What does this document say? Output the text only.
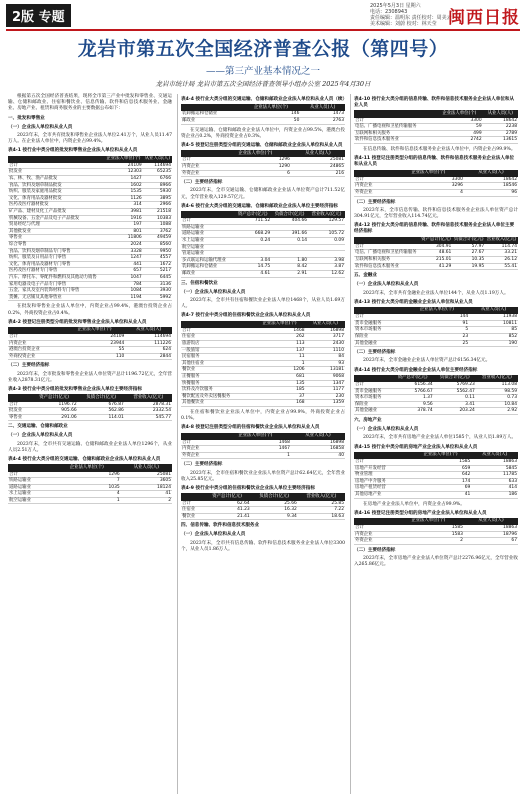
2版 专题
2025年5月3日 星期六
电话：2308943
责任编辑：温明东 责任校对：周美云
美术编辑：刘蔚 校对：林天莹 闽西日报
龙岩市第五次全国经济普查公报（第四号）
——第三产业基本情况之一
龙岩市统计局 龙岩市第五次全国经济普查领导小组办公室 2025年4月30日

根据第五次全国经济普查结果，现将全市第三产业中批发和零售业、交通运输、仓储和邮政业、住宿和餐饮业、信息传输、软件和信息技术服务业、金融业、房地产业、租赁和商务服务业的主要数据公布如下：

一、批发和零售业
（一）企业法人单位和从业人员

2023年末，全市共有批发和零售业企业法人单位2.41万个，从业人员11.47万人。在企业法人单位中，内资企业占99.4%。

表4-1 按行业中类分组的批发和零售业企业法人单位和从业人员
	企业法人单位(个)	从业人员(人)
合计	24109	114694
批发业	12303	65235
农、林、牧、渔产品批发	1427	6766
食品、饮料及烟草制品批发	1602	8966
纺织、服装及家庭用品批发	1535	5930
文化、体育用品及器材批发	1126	3895
医药及医疗器材批发	314	2966
矿产品、建材及化工产品批发	3981	21518
机械设备、五金产品及电子产品批发	1916	10383
贸易经纪与代理	197	1088
其他批发业	801	3762
零售业	11806	49459
综合零售	2024	8560
食品、饮料及烟草制品专门零售	3328	9950
纺织、服装及日用品专门零售	1247	4557
文化、体育用品及器材专门零售	441	1672
医药及医疗器材专门零售	657	5217
汽车、摩托车、零配件和燃料及其他动力销售	1047	6445
家用电器及电子产品专门零售	784	3136
五金、家具及室内装饰材料专门零售	1084	3930
货摊、无店铺及其他零售业	1194	5992

在批发和零售业企业法人单位中，内资企业占99.4%，港澳台投资企业占0.2%，外商投资企业占0.4%。

表4-2 按登记注册类型分组的批发和零售业企业法人单位和从业人员
	企业法人单位(个)	从业人员(人)
合计	24109	114694
内资企业	23944	111226
港澳台投资企业	55	624
外商投资企业	110	2844
（二）主要经济指标

2023年末，全市批发和零售业企业法人单位资产总计1196.72亿元，全年营业收入2878.31亿元。

表4-3 按行业中类分组的批发和零售业企业法人单位主要经济指标
	资产总计(亿元)	负债合计(亿元)	营业收入(亿元)
合计	1196.72	676.87	2878.31
批发业	905.66	562.86	2332.54
零售业	291.06	114.01	545.77
二、交通运输、仓储和邮政业
（一）企业法人单位和从业人员

2023年末，全市共有交通运输、仓储和邮政业企业法人单位1296个，从业人员2.51万人。

表4-4 按行业大类分组的交通运输、仓储和邮政业企业法人单位和从业人员
	企业法人单位(个)	从业人员(人)
合计	1296	25081
铁路运输业	7	3605
道路运输业	1035	18124
水上运输业	4	41
航空运输业	1	2
表4-4 按行业大类分组的交通运输、仓储和邮政业企业法人单位和从业人员（续）
	企业法人单位(个)	从业人员(人)
装卸搬运和仓储业	146	1473
邮政业	50	2763

在交通运输、仓储和邮政业企业法人单位中，内资企业占99.5%，港澳台投资企业占0.2%，外商投资企业占0.3%。

表4-5 按登记注册类型分组的交通运输、仓储和邮政业企业法人单位和从业人员
	企业法人单位(个)	从业人员(人)
合计	1296	25081
内资企业	1290	24865
外资企业	6	216
（二）主要经济指标

2023年末，全市交通运输、仓储和邮政业企业法人单位资产总计711.52亿元，全年营业收入129.57亿元。

表4-6 按行业大类分组的交通运输、仓储和邮政业企业法人单位主要经济指标
	资产总计(亿元)	负债合计(亿元)	营业收入(亿元)
合计	711.52	404.66	129.57
铁路运输业			
道路运输业	668.29	391.66	105.72
水上运输业	0.24	0.14	0.09
航空运输业			
管道运输业			
多式联运和运输代理业	3.04	1.80	3.98
装卸搬运和仓储业	14.75	8.42	3.87
邮政业	4.61	2.91	12.62
三、住宿和餐饮业
（一）企业法人单位和从业人员

2023年末，全市共有住宿和餐饮业企业法人单位1468个，从业人员1.69万人。

表4-7 按行业中类分组的住宿和餐饮业企业法人单位和从业人员
	企业法人单位(个)	从业人员(人)
合计	1468	16898
住宿业	262	3717
旅游饭店	113	2430
一般旅馆	137	1110
民宿服务	11	84
其他住宿业	1	93
餐饮业	1206	13181
正餐服务	681	9068
快餐服务	135	1347
饮料及冷饮服务	185	1177
餐饮配送及外卖送餐服务	37	230
其他餐饮业	168	1359

在住宿和餐饮业企业法人单位中，内资企业占99.9%，外商投资企业占0.1%。

表4-8 按登记注册类型分组的住宿和餐饮业企业法人单位和从业人员
	企业法人单位(个)	从业人员(人)
合计	1468	16898
内资企业	1467	16858
外资企业	1	40
（二）主要经济指标

2023年末，全市住宿和餐饮业企业法人单位资产总计62.64亿元，全年营业收入25.85亿元。

表4-9 按行业中类分组的住宿和餐饮业企业法人单位主要经济指标
	资产总计(亿元)	负债合计(亿元)	营业收入(亿元)
合计	62.64	25.66	25.85
住宿业	41.23	16.32	7.22
餐饮业	21.41	9.34	18.63
四、信息传输、软件和信息技术服务业
（一）企业法人单位和从业人员

2023年末，全市共有信息传输、软件和信息技术服务业企业法人单位3300个，从业人员1.86万人。

表4-10 按行业大类分组的信息传输、软件和信息技术服务业企业法人单位和从业人员
	企业法人单位(个)	从业人员(人)
合计	3300	18642
电信、广播电视和卫星传输服务	59	2238
互联网和相关服务	499	2789
软件和信息技术服务业	2742	13615

在信息传输、软件和信息技术服务业企业法人单位中，内资企业占99.9%。

表4-11 按登记注册类型分组的信息传输、软件和信息技术服务业企业法人单位和从业人员
	企业法人单位(个)	从业人员(人)
合计	3300	18642
内资企业	3296	18546
外资企业	4	96
（二）主要经济指标

2023年末，全市信息传输、软件和信息技术服务业企业法人单位资产总计304.91亿元，全年营业收入114.74亿元。

表4-12 按行业大类分组的信息传输、软件和信息技术服务业企业法人单位主要经济指标
	资产总计(亿元)	负债合计(亿元)	营业收入(亿元)
合计	304.91	57.97	114.74
电信、广播电视和卫星传输服务	48.61	27.67	33.21
互联网和相关服务	215.01	10.35	26.12
软件和信息技术服务业	41.29	19.95	55.41
五、金融业
（一）企业法人单位和从业人员

2023年末，全市共有金融业企业法人单位144个，从业人员1.19万人。

表4-13 按行业大类分组的金融业企业法人单位和从业人员
	企业法人单位(个)	从业人员(人)
合计	144	11938
货币金融服务	91	10811
资本市场服务	5	85
保险业	23	852
其他金融业	25	190
（二）主要经济指标

2023年末，全市金融业企业法人单位资产总计6156.34亿元。

表4-14 按行业大类分组的金融业企业法人单位主要经济指标
	资产总计(亿元)	负债合计(亿元)	营业收入(亿元)
合计	6156.34	5769.23	113.08
货币金融服务	5766.67	5562.47	98.59
资本市场服务	1.37	0.11	0.73
保险业	9.56	3.41	10.84
其他金融业	378.74	203.24	2.92
六、房地产业
（一）企业法人单位和从业人员

2023年末，全市共有房地产业企业法人单位1585个，从业人员1.89万人。

表4-15 按行业中类分组的房地产业企业法人单位和从业人员
	企业法人单位(个)	从业人员(人)
合计	1585	18863
房地产开发经营	659	5845
物业管理	642	11785
房地产中介服务	174	633
房地产租赁经营	69	414
其他房地产业	41	186

在房地产业企业法人单位中，内资企业占99.9%。

表4-16 按登记注册类型分组的房地产业企业法人单位和从业人员
	企业法人单位(个)	从业人员(人)
合计	1585	18863
内资企业	1583	18796
外资企业	2	67
（二）主要经济指标

2023年末，全市房地产业企业法人单位资产总计2276.96亿元，全年营业收入265.86亿元。
